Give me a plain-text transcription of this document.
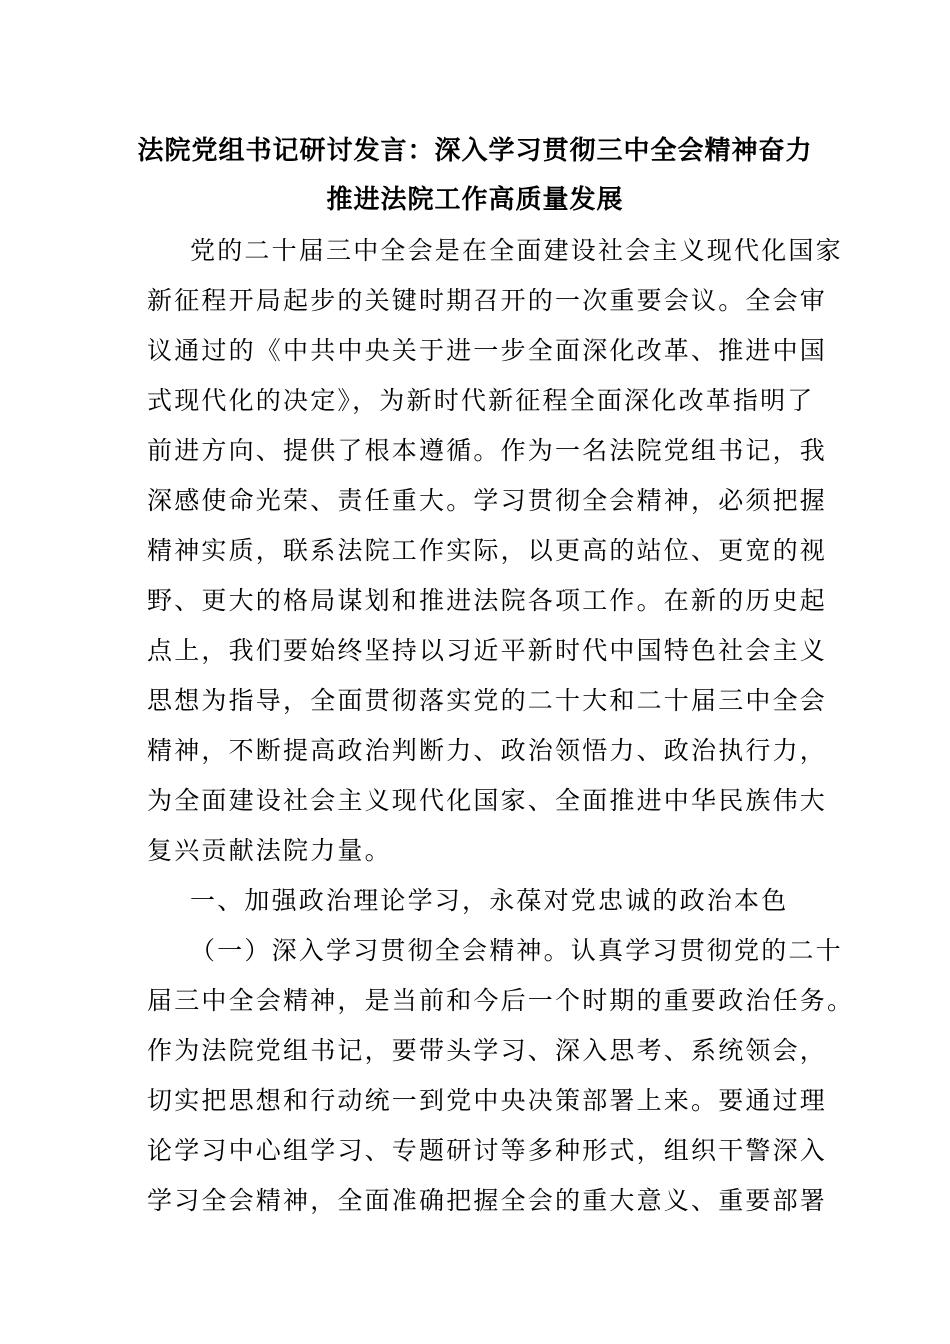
法院党组书记研讨发言：深入学习贯彻三中全会精神奋力
推进法院工作高质量发展
党的二十届三中全会是在全面建设社会主义现代化国家
新征程开局起步的关键时期召开的一次重要会议。全会审
议通过的《中共中央关于进一步全面深化改革、推进中国
式现代化的决定》，为新时代新征程全面深化改革指明了
前进方向、提供了根本遵循。作为一名法院党组书记，我
深感使命光荣、责任重大。学习贯彻全会精神，必须把握
精神实质，联系法院工作实际，以更高的站位、更宽的视
野、更大的格局谋划和推进法院各项工作。在新的历史起
点上，我们要始终坚持以习近平新时代中国特色社会主义
思想为指导，全面贯彻落实党的二十大和二十届三中全会
精神，不断提高政治判断力、政治领悟力、政治执行力，
为全面建设社会主义现代化国家、全面推进中华民族伟大
复兴贡献法院力量。
一、加强政治理论学习，永葆对党忠诚的政治本色
（一）深入学习贯彻全会精神。认真学习贯彻党的二十
届三中全会精神，是当前和今后一个时期的重要政治任务。
作为法院党组书记，要带头学习、深入思考、系统领会，
切实把思想和行动统一到党中央决策部署上来。要通过理
论学习中心组学习、专题研讨等多种形式，组织干警深入
学习全会精神，全面准确把握全会的重大意义、重要部署
